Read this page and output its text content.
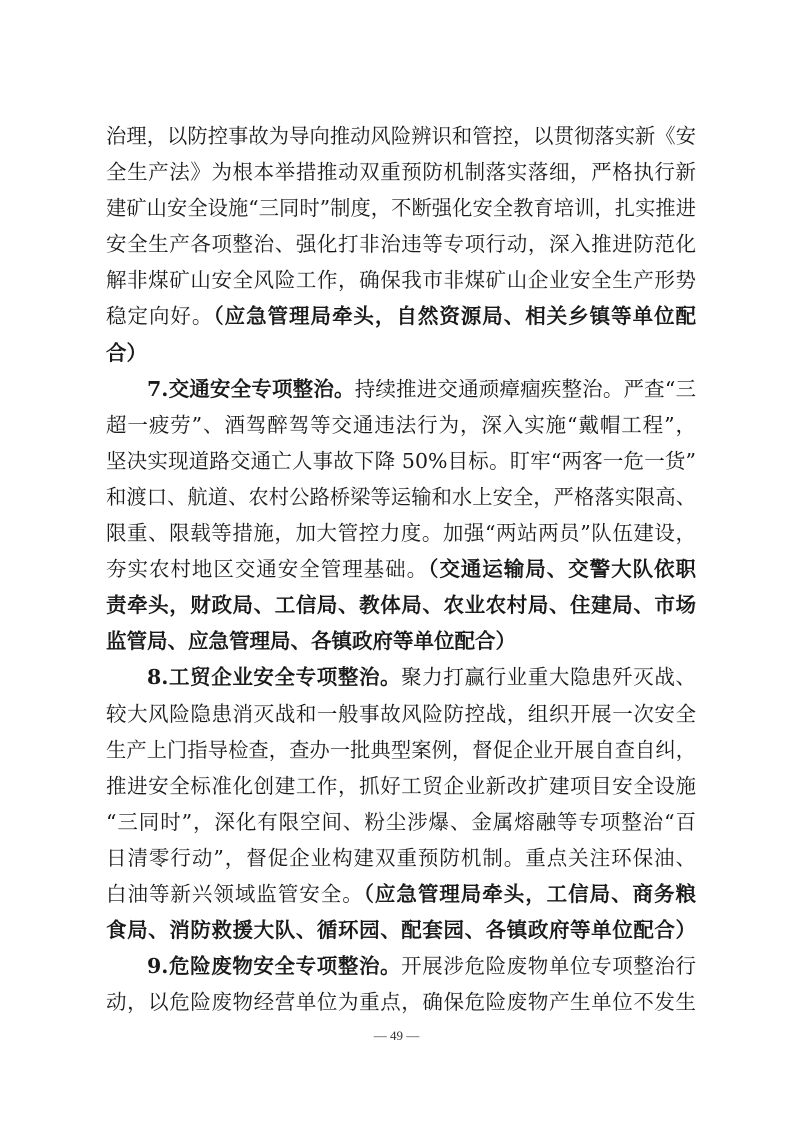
治理，以防控事故为导向推动风险辨识和管控，以贯彻落实新《安
全生产法》为根本举措推动双重预防机制落实落细，严格执行新
建矿山安全设施“三同时”制度，不断强化安全教育培训，扎实推进
安全生产各项整治、强化打非治违等专项行动，深入推进防范化
解非煤矿山安全风险工作，确保我市非煤矿山企业安全生产形势
稳定向好。（应急管理局牵头，自然资源局、相关乡镇等单位配
合）
7.交通安全专项整治。持续推进交通顽瘴痼疾整治。严查“三
超一疲劳”、酒驾醉驾等交通违法行为，深入实施“戴帽工程”，
坚决实现道路交通亡人事故下降 50%目标。盯牢“两客一危一货”
和渡口、航道、农村公路桥梁等运输和水上安全，严格落实限高、
限重、限载等措施，加大管控力度。加强“两站两员”队伍建设，
夯实农村地区交通安全管理基础。（交通运输局、交警大队依职
责牵头，财政局、工信局、教体局、农业农村局、住建局、市场
监管局、应急管理局、各镇政府等单位配合）
8.工贸企业安全专项整治。聚力打赢行业重大隐患歼灭战、
较大风险隐患消灭战和一般事故风险防控战，组织开展一次安全
生产上门指导检查，查办一批典型案例，督促企业开展自查自纠，
推进安全标准化创建工作，抓好工贸企业新改扩建项目安全设施
“三同时”，深化有限空间、粉尘涉爆、金属熔融等专项整治“百
日清零行动”，督促企业构建双重预防机制。重点关注环保油、
白油等新兴领域监管安全。（应急管理局牵头，工信局、商务粮
食局、消防救援大队、循环园、配套园、各镇政府等单位配合）
9.危险废物安全专项整治。开展涉危险废物单位专项整治行
动，以危险废物经营单位为重点，确保危险废物产生单位不发生
— 49 —
